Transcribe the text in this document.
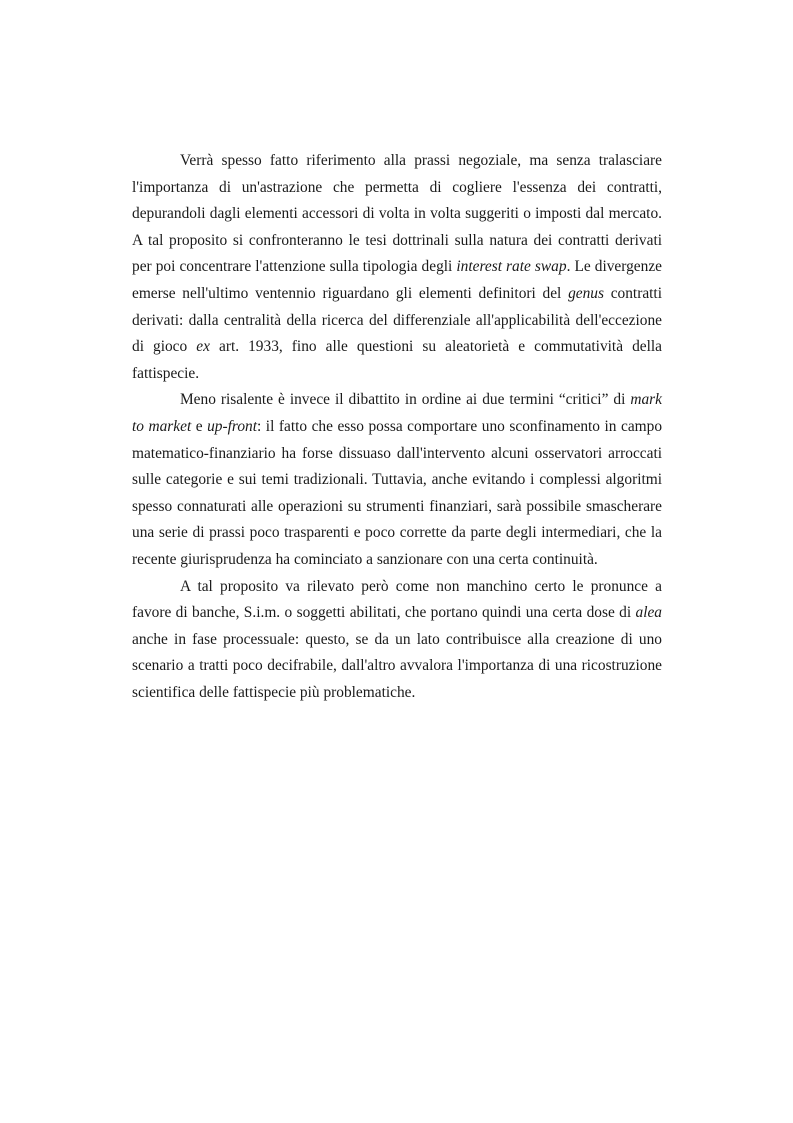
Verrà spesso fatto riferimento alla prassi negoziale, ma senza tralasciare l'importanza di un'astrazione che permetta di cogliere l'essenza dei contratti, depurandoli dagli elementi accessori di volta in volta suggeriti o imposti dal mercato. A tal proposito si confronteranno le tesi dottrinali sulla natura dei contratti derivati per poi concentrare l'attenzione sulla tipologia degli interest rate swap. Le divergenze emerse nell'ultimo ventennio riguardano gli elementi definitori del genus contratti derivati: dalla centralità della ricerca del differenziale all'applicabilità dell'eccezione di gioco ex art. 1933, fino alle questioni su aleatorietà e commutatività della fattispecie.

Meno risalente è invece il dibattito in ordine ai due termini “critici” di mark to market e up-front: il fatto che esso possa comportare uno sconfinamento in campo matematico-finanziario ha forse dissuaso dall'intervento alcuni osservatori arroccati sulle categorie e sui temi tradizionali. Tuttavia, anche evitando i complessi algoritmi spesso connaturati alle operazioni su strumenti finanziari, sarà possibile smascherare una serie di prassi poco trasparenti e poco corrette da parte degli intermediari, che la recente giurisprudenza ha cominciato a sanzionare con una certa continuità.

A tal proposito va rilevato però come non manchino certo le pronunce a favore di banche, S.i.m. o soggetti abilitati, che portano quindi una certa dose di alea anche in fase processuale: questo, se da un lato contribuisce alla creazione di uno scenario a tratti poco decifrabile, dall'altro avvalora l'importanza di una ricostruzione scientifica delle fattispecie più problematiche.
